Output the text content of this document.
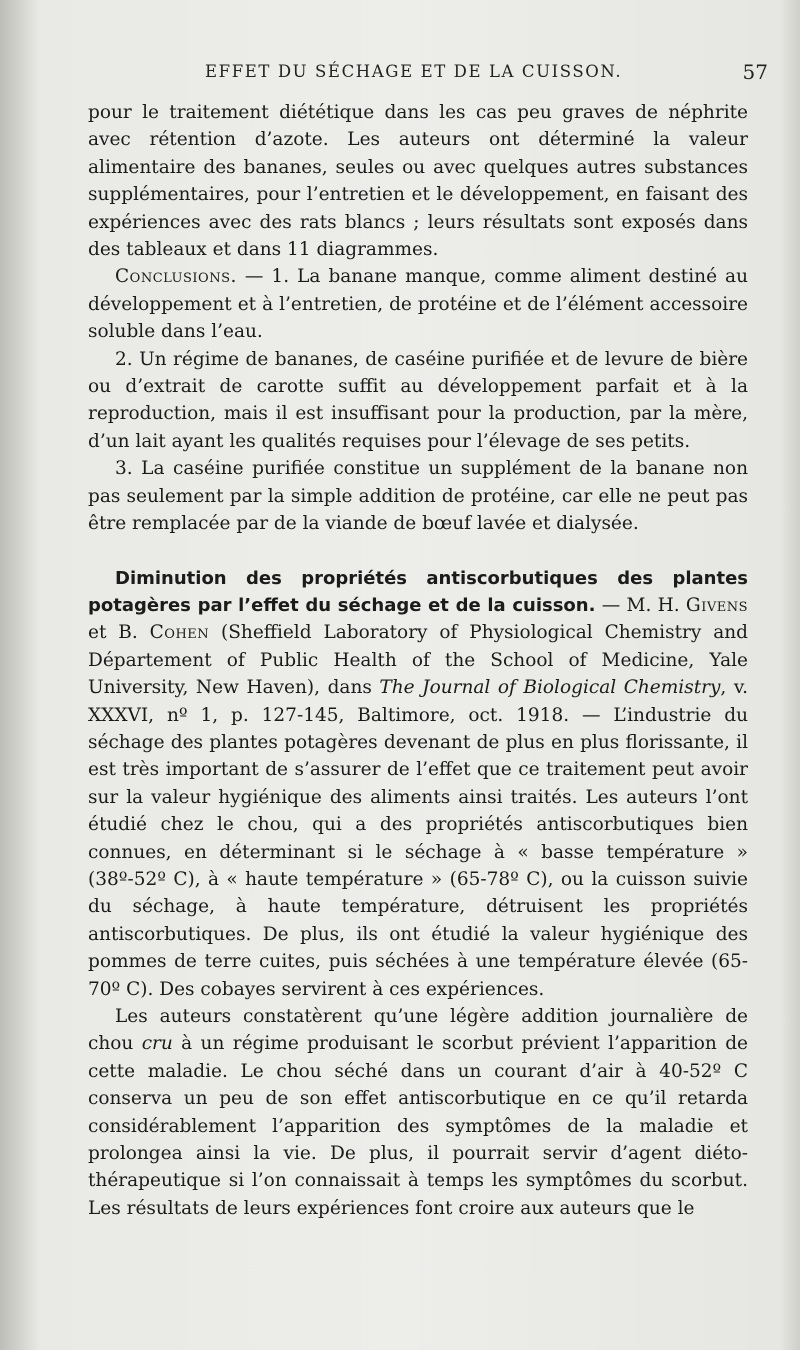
EFFET DU SÉCHAGE ET DE LA CUISSON.	57

pour le traitement diététique dans les cas peu graves de néphrite avec rétention d’azote. Les auteurs ont déterminé la valeur alimentaire des bananes, seules ou avec quelques autres substances supplémentaires, pour l’entretien et le développement, en faisant des expériences avec des rats blancs ; leurs résultats sont exposés dans des tableaux et dans 11 diagrammes.

Conclusions. — 1. La banane manque, comme aliment destiné au développement et à l’entretien, de protéine et de l’élément accessoire soluble dans l’eau.

2. Un régime de bananes, de caséine purifiée et de levure de bière ou d’extrait de carotte suffit au développement parfait et à la reproduction, mais il est insuffisant pour la production, par la mère, d’un lait ayant les qualités requises pour l’élevage de ses petits.

3. La caséine purifiée constitue un supplément de la banane non pas seulement par la simple addition de protéine, car elle ne peut pas être remplacée par de la viande de bœuf lavée et dialysée.

Diminution des propriétés antiscorbutiques des plantes potagères par l’effet du séchage et de la cuisson. — M. H. Givens et B. Cohen (Sheffield Laboratory of Physiological Chemistry and Département of Public Health of the School of Medicine, Yale University, New Haven), dans The Journal of Biological Chemistry, v. XXXVI, nº 1, p. 127-145, Baltimore, oct. 1918. — L’industrie du séchage des plantes potagères devenant de plus en plus florissante, il est très important de s’assurer de l’effet que ce traitement peut avoir sur la valeur hygiénique des aliments ainsi traités. Les auteurs l’ont étudié chez le chou, qui a des propriétés antiscorbutiques bien connues, en déterminant si le séchage à « basse température » (38º-52º C), à « haute température » (65-78º C), ou la cuisson suivie du séchage, à haute température, détruisent les propriétés antiscorbutiques. De plus, ils ont étudié la valeur hygiénique des pommes de terre cuites, puis séchées à une température élevée (65-70º C). Des cobayes servirent à ces expériences.

Les auteurs constatèrent qu’une légère addition journalière de chou cru à un régime produisant le scorbut prévient l’apparition de cette maladie. Le chou séché dans un courant d’air à 40-52º C conserva un peu de son effet antiscorbutique en ce qu’il retarda considérablement l’apparition des symptômes de la maladie et prolongea ainsi la vie. De plus, il pourrait servir d’agent diéto-thérapeutique si l’on connaissait à temps les symptômes du scorbut. Les résultats de leurs expériences font croire aux auteurs que le
